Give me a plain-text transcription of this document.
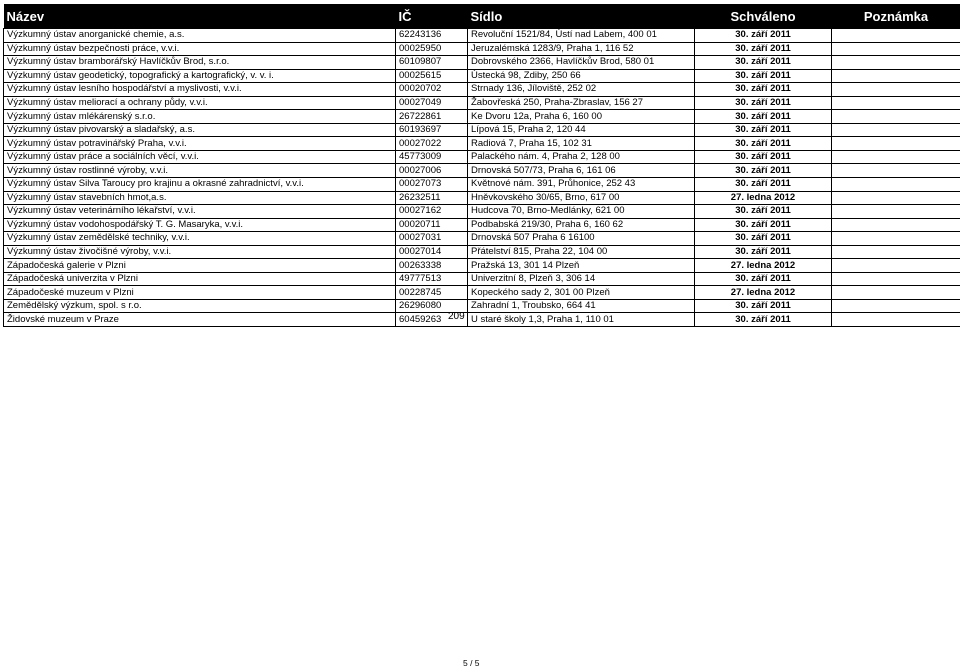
Název	IČ	Sídlo	Schváleno	Poznámka
Výzkumný ústav anorganické chemie, a.s.	62243136	Revoluční 1521/84, Ústí nad Labem, 400 01	30. září 2011	
Výzkumný ústav bezpečnosti práce, v.v.i.	00025950	Jeruzalémská 1283/9, Praha 1, 116 52	30. září 2011	
Výzkumný ústav bramborářský Havlíčkův Brod, s.r.o.	60109807	Dobrovského 2366, Havlíčkův Brod, 580 01	30. září 2011	
Výzkumný ústav geodetický, topografický a kartografický, v. v. i.	00025615	Ústecká 98, Zdiby, 250 66	30. září 2011	
Výzkumný ústav lesního hospodářství a myslivosti, v.v.i.	00020702	Strnady 136, Jíloviště, 252 02	30. září 2011	
Výzkumný ústav meliorací a ochrany půdy, v.v.i.	00027049	Žabovřeská 250, Praha-Zbraslav, 156 27	30. září 2011	
Výzkumný ústav mlékárenský s.r.o.	26722861	Ke Dvoru 12a, Praha 6, 160 00	30. září 2011	
Výzkumný ústav pivovarský a sladařský, a.s.	60193697	Lípová 15, Praha 2, 120 44	30. září 2011	
Výzkumný ústav potravinářský Praha, v.v.i.	00027022	Radiová 7, Praha 15, 102 31	30. září 2011	
Výzkumný ústav práce a sociálních věcí, v.v.i.	45773009	Palackého nám. 4, Praha 2, 128 00	30. září 2011	
Výzkumný ústav rostlinné výroby, v.v.i.	00027006	Drnovská 507/73, Praha 6, 161 06	30. září 2011	
Výzkumný ústav Silva Taroucy pro krajinu a okrasné zahradnictví, v.v.i.	00027073	Květnové nám. 391, Průhonice, 252 43	30. září 2011	
Výzkumný ústav stavebních hmot,a.s.	26232511	Hněvkovského 30/65, Brno, 617 00	27. ledna 2012	
Výzkumný ústav veterinárního lékařství, v.v.i.	00027162	Hudcova 70, Brno-Medlánky, 621 00	30. září 2011	
Výzkumný ústav vodohospodářský T. G. Masaryka, v.v.i.	00020711	Podbabská 219/30, Praha 6, 160 62	30. září 2011	
Výzkumný ústav zemědělské techniky, v.v.i.	00027031	Drnovská 507 Praha 6 16100	30. září 2011	
Výzkumný ústav živočišné výroby, v.v.i.	00027014	Přátelství 815, Praha 22, 104 00	30. září 2011	
Západočeská galerie v Plzni	00263338	Pražská 13, 301 14 Plzeň	27. ledna 2012	
Západočeská univerzita v Plzni	49777513	Univerzitní 8, Plzeň 3, 306 14	30. září 2011	
Západočeské muzeum v Plzni	00228745	Kopeckého sady 2, 301 00 Plzeň	27. ledna 2012	
Zemědělský výzkum, spol. s r.o.	26296080	Zahradní 1, Troubsko, 664 41	30. září 2011	
Židovské muzeum v Praze	60459263	U staré školy 1,3, Praha 1, 110 01	30. září 2011	
209
5 / 5
